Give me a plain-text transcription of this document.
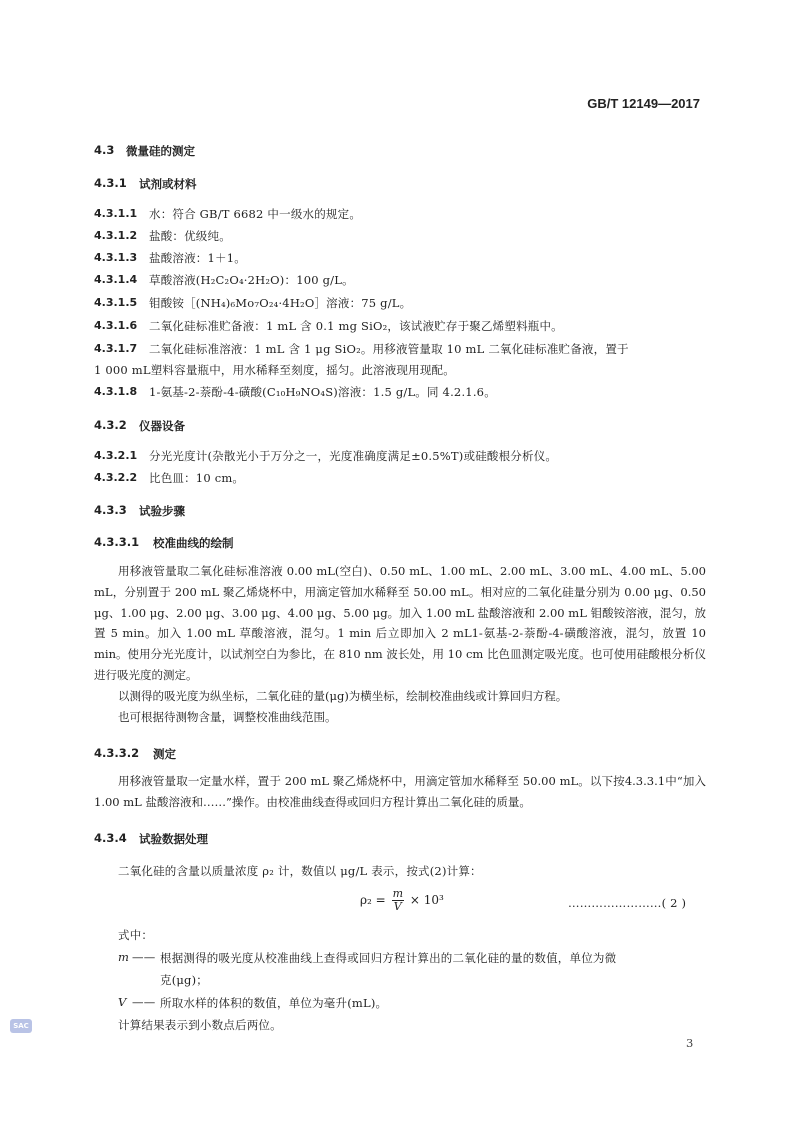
GB/T 12149—2017
4.3 微量硅的测定
4.3.1 试剂或材料
4.3.1.1 水：符合 GB/T 6682 中一级水的规定。
4.3.1.2 盐酸：优级纯。
4.3.1.3 盐酸溶液：1＋1。
4.3.1.4 草酸溶液(H₂C₂O₄·2H₂O)：100 g/L。
4.3.1.5 钼酸铵［(NH₄)₆Mo₇O₂₄·4H₂O］溶液：75 g/L。
4.3.1.6 二氧化硅标准贮备液：1 mL 含 0.1 mg SiO₂，该试液贮存于聚乙烯塑料瓶中。
4.3.1.7 二氧化硅标准溶液：1 mL 含 1 μg SiO₂。用移液管量取 10 mL 二氧化硅标准贮备液，置于
1 000 mL塑料容量瓶中，用水稀释至刻度，摇匀。此溶液现用现配。
4.3.1.8 1-氨基-2-萘酚-4-磺酸(C₁₀H₉NO₄S)溶液：1.5 g/L。同 4.2.1.6。
4.3.2 仪器设备
4.3.2.1 分光光度计(杂散光小于万分之一，光度准确度满足±0.5%T)或硅酸根分析仪。
4.3.2.2 比色皿：10 cm。
4.3.3 试验步骤
4.3.3.1 校准曲线的绘制
用移液管量取二氧化硅标准溶液 0.00 mL(空白)、0.50 mL、1.00 mL、2.00 mL、3.00 mL、4.00 mL、5.00 mL，分别置于 200 mL 聚乙烯烧杯中，用滴定管加水稀释至 50.00 mL。相对应的二氧化硅量分别为 0.00 μg、0.50 μg、1.00 μg、2.00 μg、3.00 μg、4.00 μg、5.00 μg。加入 1.00 mL 盐酸溶液和 2.00 mL 钼酸铵溶液，混匀，放置 5 min。加入 1.00 mL 草酸溶液，混匀。1 min 后立即加入 2 mL1-氨基-2-萘酚-4-磺酸溶液，混匀，放置 10 min。使用分光光度计，以试剂空白为参比，在 810 nm 波长处，用 10 cm 比色皿测定吸光度。也可使用硅酸根分析仪进行吸光度的测定。
以测得的吸光度为纵坐标，二氧化硅的量(μg)为横坐标，绘制校准曲线或计算回归方程。
也可根据待测物含量，调整校准曲线范围。
4.3.3.2 测定
用移液管量取一定量水样，置于 200 mL 聚乙烯烧杯中，用滴定管加水稀释至 50.00 mL。以下按4.3.3.1中“加入 1.00 mL 盐酸溶液和……”操作。由校准曲线查得或回归方程计算出二氧化硅的质量。
4.3.4 试验数据处理
二氧化硅的含量以质量浓度 ρ₂ 计，数值以 μg/L 表示，按式(2)计算：
$\rho_2 = \frac{m}{V} \times 10^3$	……………………( 2 )
式中：
m —— 根据测得的吸光度从校准曲线上查得或回归方程计算出的二氧化硅的量的数值，单位为微
克(μg)；
V —— 所取水样的体积的数值，单位为毫升(mL)。
计算结果表示到小数点后两位。
SAC
3
